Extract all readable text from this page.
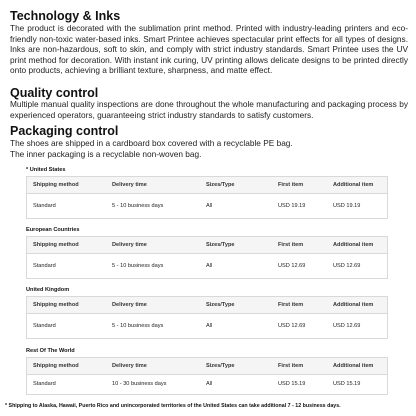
Technology & Inks

The product is decorated with the sublimation print method. Printed with industry-leading printers and eco-friendly non-toxic water-based inks. Smart Printee achieves spectacular print effects for all types of designs. Inks are non-hazardous, soft to skin, and comply with strict industry standards. Smart Printee uses the UV print method for decoration. With instant ink curing, UV printing allows delicate designs to be printed directly onto products, achieving a brilliant texture, sharpness, and matte effect.

Quality control

Multiple manual quality inspections are done throughout the whole manufacturing and packaging process by experienced operators, guaranteeing strict industry standards to satisfy customers.

Packaging control

The shoes are shipped in a cardboard box covered with a recyclable PE bag.

The inner packaging is a recyclable non-woven bag.

* United States
Shipping method	Delivery time	Sizes/Type	First item	Additional item
Standard	5 - 10 business days	All	USD 19.19	USD 19.19
European Countries
Shipping method	Delivery time	Sizes/Type	First item	Additional item
Standard	5 - 10 business days	All	USD 12.69	USD 12.69
United Kingdom
Shipping method	Delivery time	Sizes/Type	First item	Additional item
Standard	5 - 10 business days	All	USD 12.69	USD 12.69
Rest Of The World
Shipping method	Delivery time	Sizes/Type	First item	Additional item
Standard	10 - 30 business days	All	USD 15.19	USD 15.19
* Shipping to Alaska, Hawaii, Puerto Rico and unincorporated territories of the United States can take additional 7 - 12 business days.
